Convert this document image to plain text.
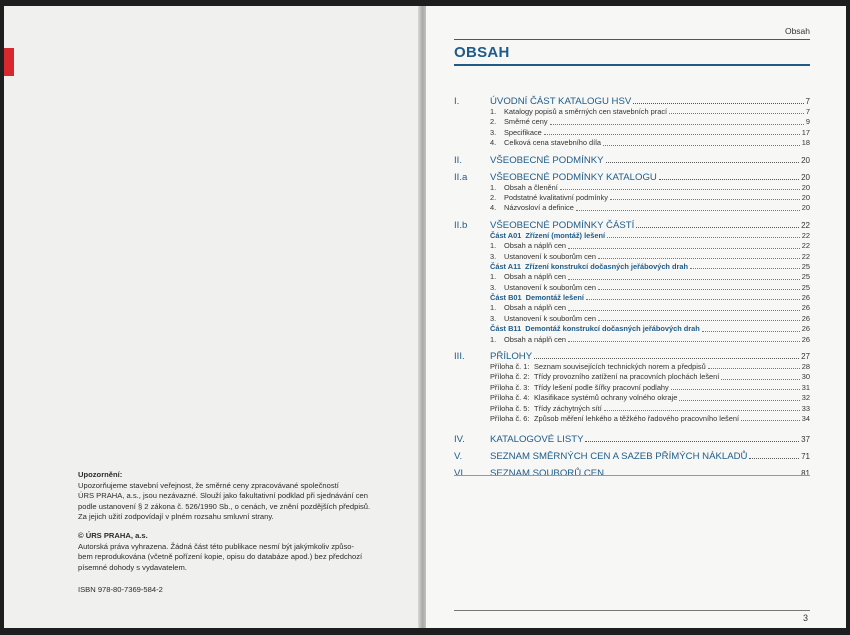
Upozornění:

Upozorňujeme stavební veřejnost, že směrné ceny zpracovávané společností

ÚRS PRAHA, a.s., jsou nezávazné. Slouží jako fakultativní podklad při sjednávání cen

podle ustanovení § 2 zákona č. 526/1990 Sb., o cenách, ve znění pozdějších předpisů.

Za jejich užití zodpovídají v plném rozsahu smluvní strany.

© ÚRS PRAHA, a.s.

Autorská práva vyhrazena. Žádná část této publikace nesmí být jakýmkoliv způso-

bem reprodukována (včetně pořízení kopie, opisu do databáze apod.) bez předchozí

písemné dohody s vydavatelem.

ISBN 978-80-7369-584-2

Obsah
OBSAH
I.	ÚVODNÍ ČÁST KATALOGU HSV	7
1.	Katalogy popisů a směrných cen stavebních prací	7
2.	Směrné ceny	9
3.	Specifikace	17
4.	Celková cena stavebního díla	18
II.	VŠEOBECNÉ PODMÍNKY	20
II.a	VŠEOBECNÉ PODMÍNKY KATALOGU	20
1.	Obsah a členění	20
2.	Podstatné kvalitativní podmínky	20
4.	Názvosloví a definice	20
II.b	VŠEOBECNÉ PODMÍNKY ČÁSTÍ	22
Část A01 Zřízení (montáž) lešení	22
1.	Obsah a náplň cen	22
3.	Ustanovení k souborům cen	22
Část A11 Zřízení konstrukcí dočasných jeřábových drah	25
1.	Obsah a náplň cen	25
3.	Ustanovení k souborům cen	25
Část B01 Demontáž lešení	26
1.	Obsah a náplň cen	26
3.	Ustanovení k souborům cen	26
Část B11 Demontáž konstrukcí dočasných jeřábových drah	26
1.	Obsah a náplň cen	26
III.	PŘÍLOHY	27
Příloha č. 1: Seznam souvisejících technických norem a předpisů	28
Příloha č. 2: Třídy provozního zatížení na pracovních plochách lešení	30
Příloha č. 3: Třídy lešení podle šířky pracovní podlahy	31
Příloha č. 4: Klasifikace systémů ochrany volného okraje	32
Příloha č. 5: Třídy záchytných sítí	33
Příloha č. 6: Způsob měření lehkého a těžkého řadového pracovního lešení	34
IV.	KATALOGOVÉ LISTY	37
V.	SEZNAM SMĚRNÝCH CEN A SAZEB PŘÍMÝCH NÁKLADŮ	71
VI.	SEZNAM SOUBORŮ CEN	81
3
